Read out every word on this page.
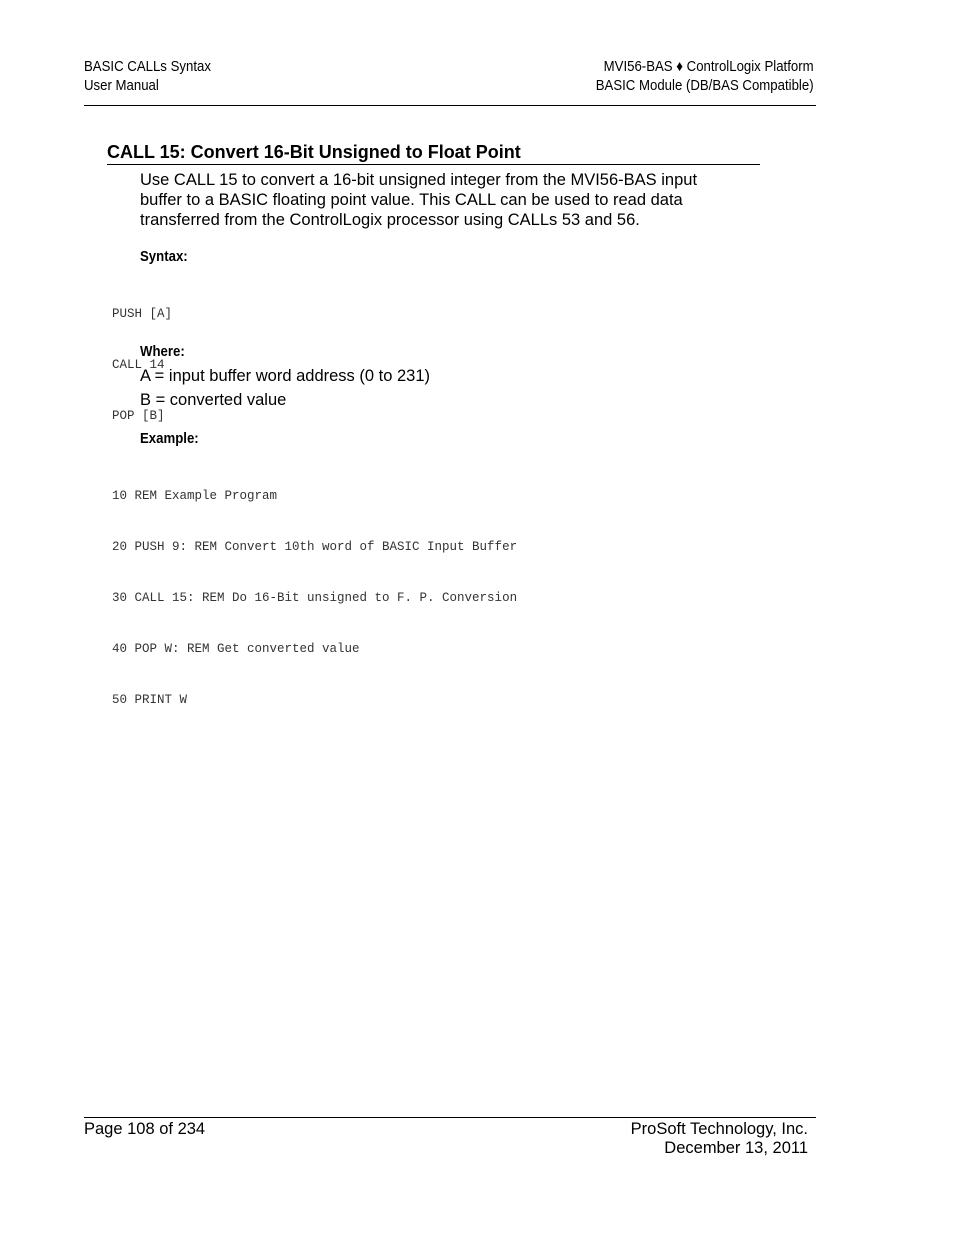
BASIC CALLs Syntax
User Manual
MVI56-BAS ♦ ControlLogix Platform
BASIC Module (DB/BAS Compatible)
CALL 15: Convert 16-Bit Unsigned to Float Point

Use CALL 15 to convert a 16-bit unsigned integer from the MVI56-BAS input

buffer to a BASIC floating point value. This CALL can be used to read data

transferred from the ControlLogix processor using CALLs 53 and 56.

Syntax:

PUSH [A]

CALL 14

POP [B]

Where:
A = input buffer word address (0 to 231)
B = converted value
Example:

10 REM Example Program

20 PUSH 9: REM Convert 10th word of BASIC Input Buffer

30 CALL 15: REM Do 16-Bit unsigned to F. P. Conversion

40 POP W: REM Get converted value

50 PRINT W

Page 108 of 234	ProSoft Technology, Inc.
December 13, 2011
